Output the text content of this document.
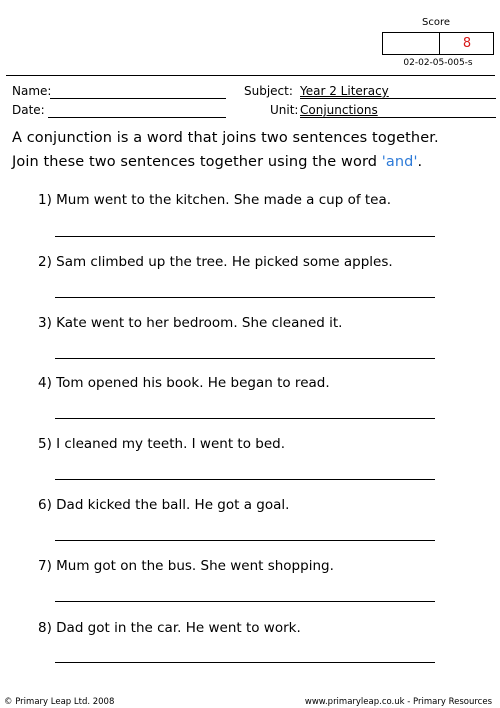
Score
8
02-02-05-005-s
Name:
Date:
Subject: Year 2 Literacy
Unit: Conjunctions
A conjunction is a word that joins two sentences together.
Join these two sentences together using the word 'and'.
1) Mum went to the kitchen. She made a cup of tea.
2) Sam climbed up the tree. He picked some apples.
3) Kate went to her bedroom. She cleaned it.
4) Tom opened his book. He began to read.
5) I cleaned my teeth. I went to bed.
6) Dad kicked the ball. He got a goal.
7) Mum got on the bus. She went shopping.
8) Dad got in the car. He went to work.
© Primary Leap Ltd. 2008	www.primaryleap.co.uk - Primary Resources
